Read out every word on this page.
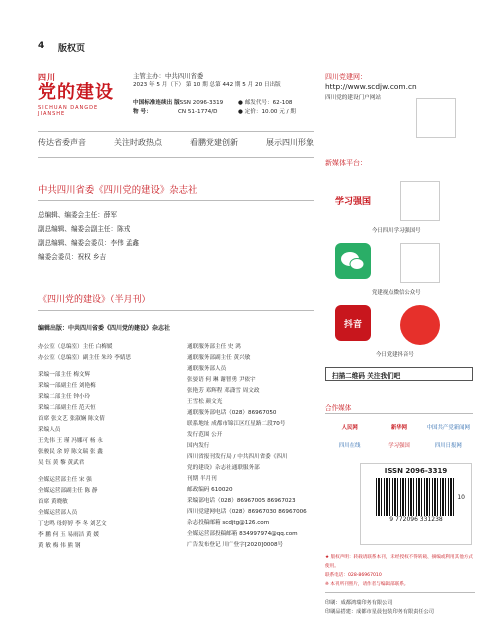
4 版权页
四川
党的建设
SICHUAN DANGDE JIANSHE
主管主办：中共四川省委
2023 年 5 月（下） 第 10 期 总第 442 期 5 月 20 日出版
中国标准连续出 版 物 号：
ISSN 2096-3319
CN 51-1774/D
● 邮发代号：62-108
● 定价：10.00 元 / 期
传达省委声音	关注时政热点	看鹏党建创新	展示四川形象
中共四川省委《四川党的建设》杂志社
总编辑、编委会主任：薛军
副总编辑、编委会副主任：陈戎
副总编辑、编委会委员：李伟 孟鑫
编委会委员：祝权 乡吉
《四川党的建设》（半月刊）
编辑出版：中共四川省委《四川党的建设》杂志社
办公室（总编室）主任 白梅媛
办公室（总编室）副主任 朱玲 李婧思
采编一部主任 梅文辉
采编一部副主任 刘艳梅
采编二部主任 钟小玲
采编二部副主任 范天恒
首席 张文艺 张淑娴 陈文倩
采编人员
王先伟 王 瑾 冯娜可 杨 永
张骏民 余 婷 陈文瑞 张 鑫
吴 钰 黄 黎 黄武君
全媒运营部主任 宋 强
全媒运营部副主任 陈 静
首席 黄晓敏
全媒运营部人员
丁忠鸣 母婷婷 李 冬 刘艺文
李 鹏 何 玉 易雨洁 黄 媛
黄 敏 梅 伟 熊 钢
通联服务部主任 史 鸿
通联服务部副主任 黄兴敏
通联服务部人员
张晏语 何 琳 谢智勇 尹依宇
张艳芳 邓辉程 邓潇雪 周文政
王雪松 颜文光
通联服务部电话（028）86967050
联系地址 成都市锦江区红星路二段70号
发行范围 公开
国内发行
四川省报刊发行局 / 中共四川省委《四川
党的建设》杂志社通联服务部
刊期 半月刊
邮政编码 610020
采编部电话（028）86967005 86967023
四川党建网电话（028）86967030 86967006
杂志投稿邮箱 scdjtg@126.com
全媒运营部投稿邮箱 834997974@qq.com
广告发布登记 川广登字[2020]0008号
四川党建网：
http://www.scdjw.com.cn
四川党的建设门户网站
新媒体平台：
学习强国
今日四川学习强国号
党建视点微信公众号
抖音
今日党建抖音号
扫描二维码 关注我们吧
合作媒体
人民网	新华网	中国共产党新闻网
四川在线	学习强国	四川日报网
ISSN 2096-3319
9 772096 331238
10
★ 版权声明：转载请联系本刊，未经授权不得转载、摘编或利用其他方式使用。
联系电话：028-86967010
※ 本刊所刊照片，请作者与编辑部联系。
印刷：成都鸿瑞印务有限公司
印刷品搭建：成都市星晨包装印务有限责任公司
